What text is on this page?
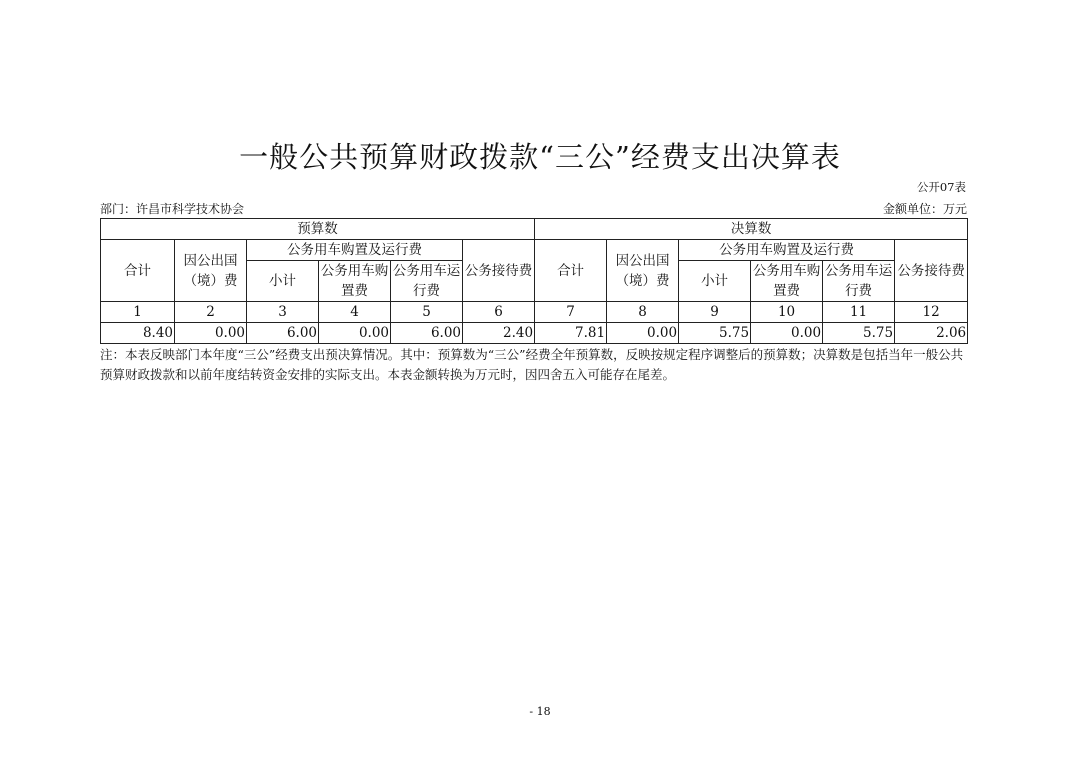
一般公共预算财政拨款“三公”经费支出决算表
公开07表
部门：许昌市科学技术协会	金额单位：万元
预算数						决算数					
合计	因公出国（境）费	公务用车购置及运行费			公务接待费	合计	因公出国（境）费	公务用车购置及运行费			公务接待费
		小计	公务用车购置费	公务用车运行费				小计	公务用车购置费	公务用车运行费	
1	2	3	4	5	6	7	8	9	10	11	12
8.40	0.00	6.00	0.00	6.00	2.40	7.81	0.00	5.75	0.00	5.75	2.06
注：本表反映部门本年度“三公”经费支出预决算情况。其中：预算数为“三公”经费全年预算数，反映按规定程序调整后的预算数；决算数是包括当年一般公共预算财政拨款和以前年度结转资金安排的实际支出。本表金额转换为万元时，因四舍五入可能存在尾差。
- 18
